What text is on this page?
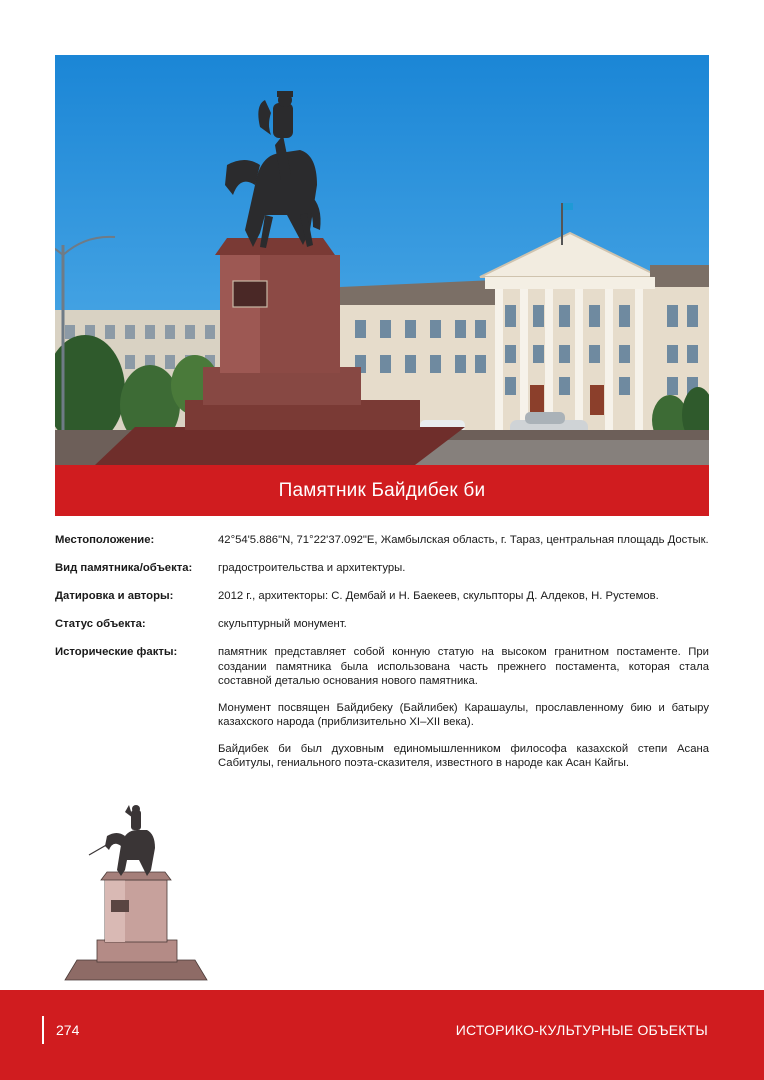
Памятник Байдибек би
Местоположение:	42°54'5.886"N, 71°22'37.092"E, Жамбылская область, г. Тараз, центральная площадь Достык.
Вид памятника/объекта:	градостроительства и архитектуры.
Датировка и авторы:	2012 г., архитекторы: С. Дембай и Н. Баекеев, скульпторы Д. Алдеков, Н. Рустемов.
Статус объекта:	скульптурный монумент.
Исторические факты:	памятник представляет собой конную статую на высоком гранитном постаменте. При создании памятника была использована часть прежнего постамента, которая стала составной деталью основания нового памятника.

Монумент посвящен Байдибеку (Байлибек) Карашаулы, прославленному бию и батыру казахского народа (приблизительно XI–XII века).

Байдибек би был духовным единомышленником философа казахской степи Асана Сабитулы, гениального поэта-сказителя, известного в народе как Асан Кайгы.

274	ИСТОРИКО-КУЛЬТУРНЫЕ ОБЪЕКТЫ
